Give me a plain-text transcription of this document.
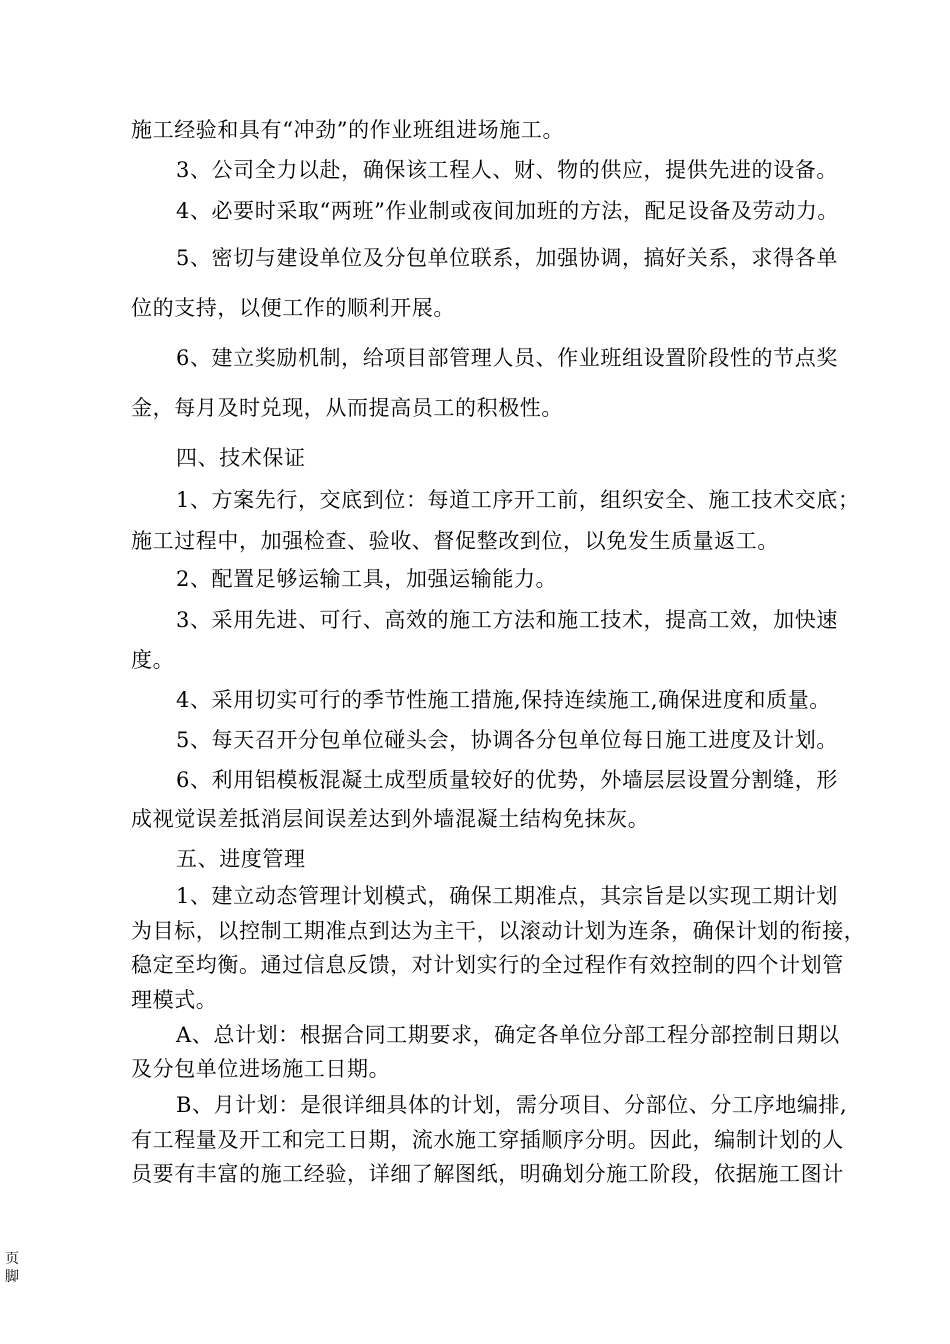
施工经验和具有“冲劲”的作业班组进场施工。
3、公司全力以赴，确保该工程人、财、物的供应，提供先进的设备。
4、必要时采取“两班”作业制或夜间加班的方法，配足设备及劳动力。
5、密切与建设单位及分包单位联系，加强协调，搞好关系，求得各单
位的支持，以便工作的顺利开展。
6、建立奖励机制，给项目部管理人员、作业班组设置阶段性的节点奖
金，每月及时兑现，从而提高员工的积极性。
四、技术保证
1、方案先行，交底到位：每道工序开工前，组织安全、施工技术交底；
施工过程中，加强检查、验收、督促整改到位，以免发生质量返工。
2、配置足够运输工具，加强运输能力。
3、采用先进、可行、高效的施工方法和施工技术，提高工效，加快速
度。
4、采用切实可行的季节性施工措施,保持连续施工,确保进度和质量。
5、每天召开分包单位碰头会，协调各分包单位每日施工进度及计划。
6、利用铝模板混凝土成型质量较好的优势，外墙层层设置分割缝，形
成视觉误差抵消层间误差达到外墙混凝土结构免抹灰。
五、进度管理
1、建立动态管理计划模式，确保工期准点，其宗旨是以实现工期计划
为目标，以控制工期准点到达为主干，以滚动计划为连条，确保计划的衔接，
稳定至均衡。通过信息反馈，对计划实行的全过程作有效控制的四个计划管
理模式。
A、总计划：根据合同工期要求，确定各单位分部工程分部控制日期以
及分包单位进场施工日期。
B、月计划：是很详细具体的计划，需分项目、分部位、分工序地编排,
有工程量及开工和完工日期，流水施工穿插顺序分明。因此，编制计划的人
员要有丰富的施工经验，详细了解图纸，明确划分施工阶段，依据施工图计
页脚
